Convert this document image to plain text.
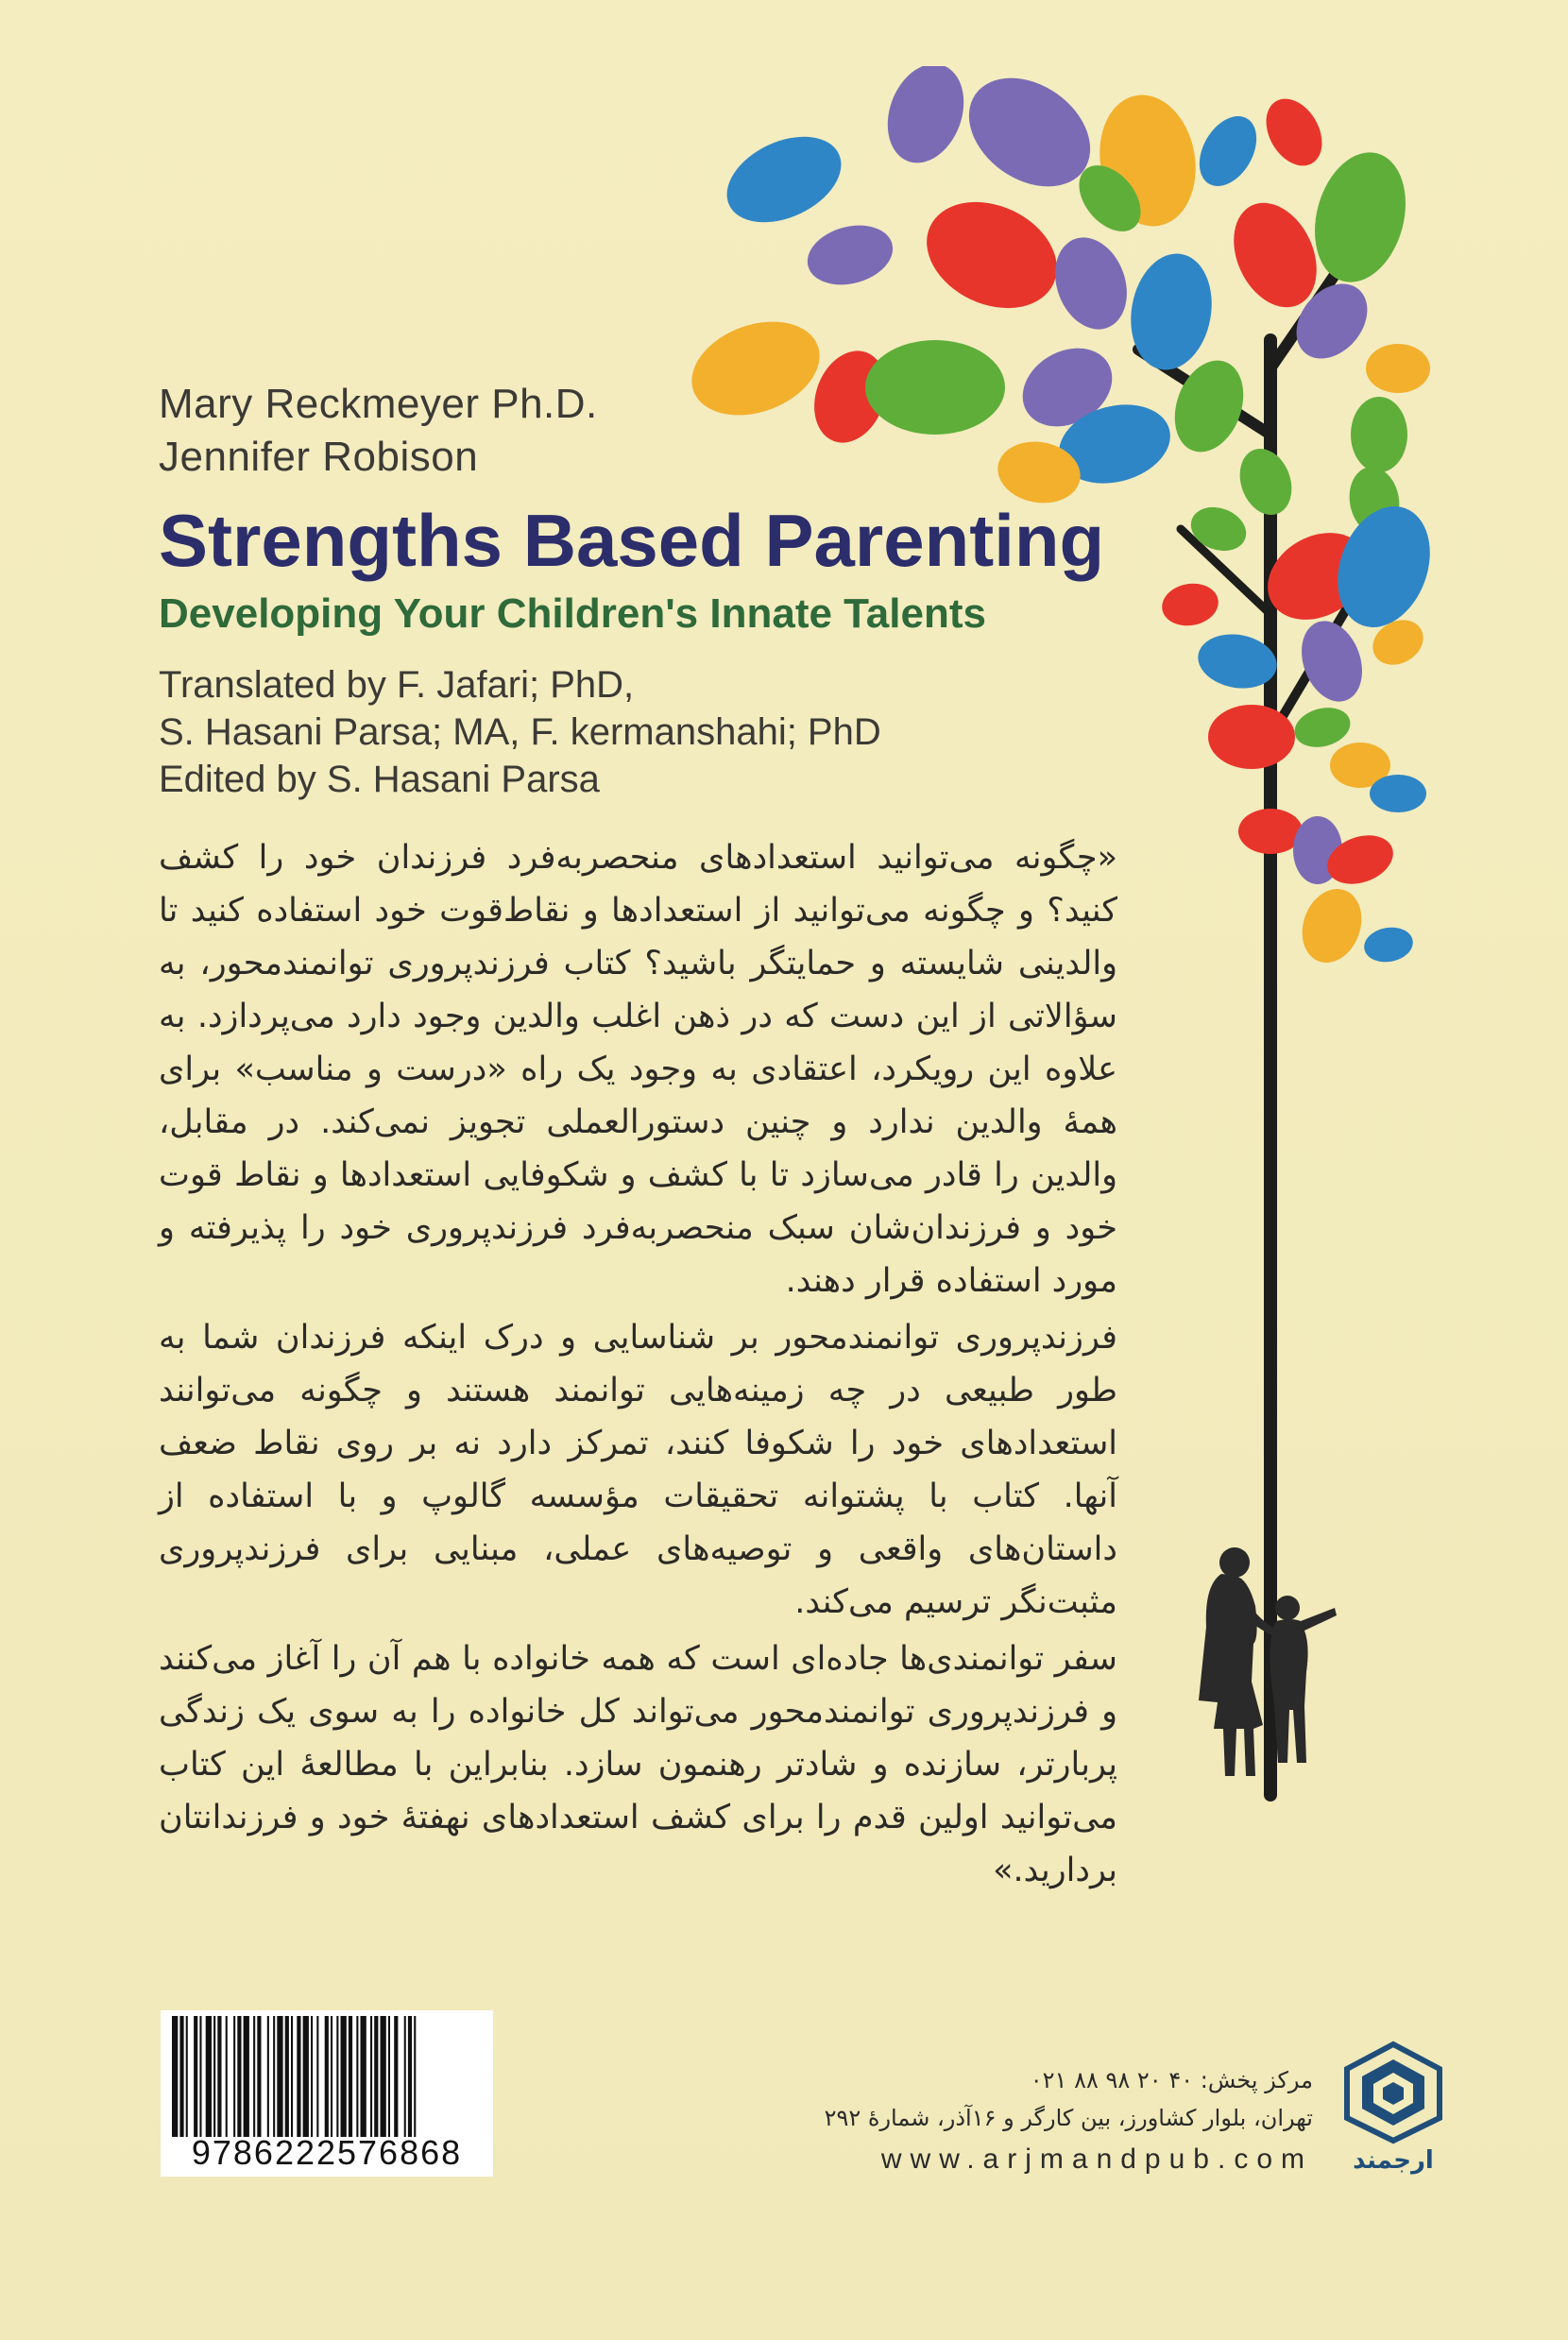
Mary Reckmeyer Ph.D.
Jennifer Robison
Strengths Based Parenting
Developing Your Children's Innate Talents
Translated by F. Jafari; PhD,
S. Hasani Parsa; MA, F. kermanshahi; PhD
Edited by S. Hasani Parsa

«چگونه می‌توانید استعدادهای منحصربه‌فرد فرزندان خود را کشف کنید؟ و چگونه می‌توانید از استعدادها و نقاط‌قوت خود استفاده کنید تا والدینی شایسته و حمایتگر باشید؟ کتاب فرزندپروری توانمندمحور، به سؤالاتی از این دست که در ذهن اغلب والدین وجود دارد می‌پردازد. به علاوه این رویکرد، اعتقادی به وجود یک راه «درست و مناسب» برای همهٔ والدین ندارد و چنین دستورالعملی تجویز نمی‌کند. در مقابل، والدین را قادر می‌سازد تا با کشف و شکوفایی استعدادها و نقاط قوت خود و فرزندان‌شان سبک منحصربه‌فرد فرزندپروری خود را پذیرفته و مورد استفاده قرار دهند.

فرزندپروری توانمندمحور بر شناسایی و درک اینکه فرزندان شما به طور طبیعی در چه زمینه‌هایی توانمند هستند و چگونه می‌توانند استعدادهای خود را شکوفا کنند، تمرکز دارد نه بر روی نقاط ضعف آنها. کتاب با پشتوانه تحقیقات مؤسسه گالوپ و با استفاده از داستان‌های واقعی و توصیه‌های عملی، مبنایی برای فرزندپروری مثبت‌نگر ترسیم می‌کند.

سفر توانمندی‌ها جاده‌ای است که همه خانواده با هم آن را آغاز می‌کنند و فرزندپروری توانمندمحور می‌تواند کل خانواده را به سوی یک زندگی پربارتر، سازنده و شادتر رهنمون سازد. بنابراین با مطالعهٔ این کتاب می‌توانید اولین قدم را برای کشف استعدادهای نهفتهٔ خود و فرزندانتان بردارید.»

9786222576868
مرکز پخش: ۴۰ ۲۰ ۹۸ ۸۸ ۰۲۱
تهران، بلوار کشاورز، بین کارگر و ۱۶آذر، شمارهٔ ۲۹۲
www.arjmandpub.com	ارجمند
